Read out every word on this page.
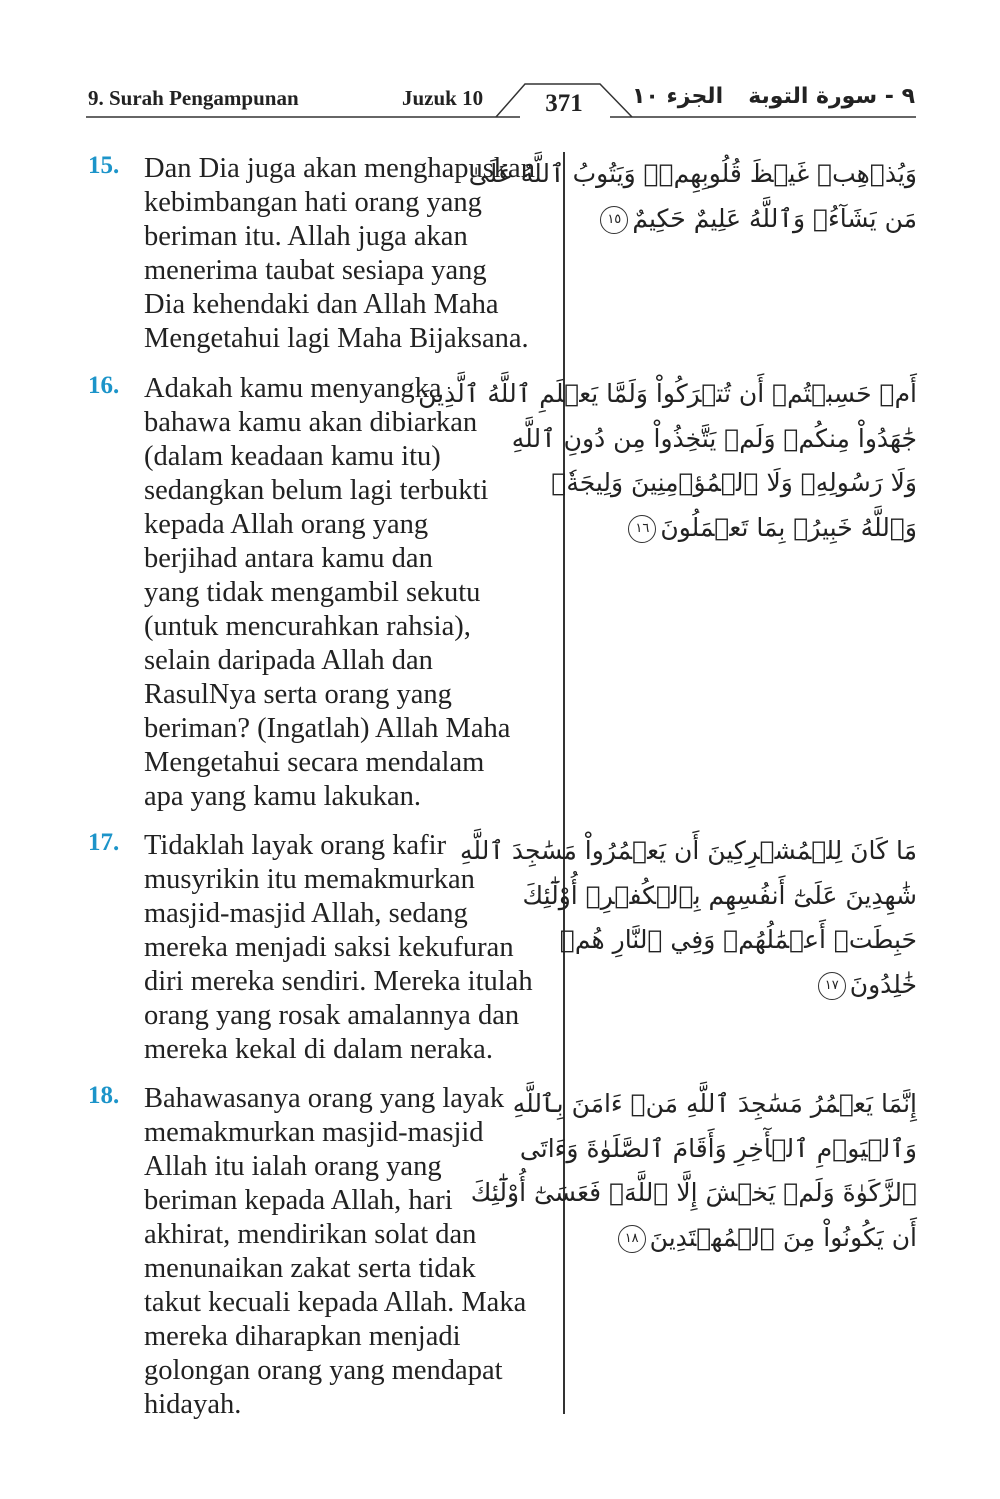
9. Surah Pengampunan	Juzuk 10	371	الجزء ١٠ ٩ - سورة التوبة
15. Dan Dia juga akan menghapuskan
kebimbangan hati orang yang
beriman itu. Allah juga akan
menerima taubat sesiapa yang
Dia kehendaki dan Allah Maha
Mengetahui lagi Maha Bijaksana.
وَيُذۡهِبۡ غَيۡظَ قُلُوبِهِمۡۗ وَيَتُوبُ ٱللَّهُ عَلَىٰ
مَن يَشَآءُۗ وَٱللَّهُ عَلِيمٌ حَكِيمٌ١٥
16. Adakah kamu menyangka
bahawa kamu akan dibiarkan
(dalam keadaan kamu itu)
sedangkan belum lagi terbukti
kepada Allah orang yang
berjihad antara kamu dan
yang tidak mengambil sekutu
(untuk mencurahkan rahsia),
selain daripada Allah dan
RasulNya serta orang yang
beriman? (Ingatlah) Allah Maha
Mengetahui secara mendalam
apa yang kamu lakukan.
أَمۡ حَسِبۡتُمۡ أَن تُتۡرَكُواْ وَلَمَّا يَعۡلَمِ ٱللَّهُ ٱلَّذِينَ
جَٰهَدُواْ مِنكُمۡ وَلَمۡ يَتَّخِذُواْ مِن دُونِ ٱللَّهِ
وَلَا رَسُولِهِۦ وَلَا ٱلۡمُؤۡمِنِينَ وَلِيجَةٗۚ
وَٱللَّهُ خَبِيرُۢ بِمَا تَعۡمَلُونَ١٦
17. Tidaklah layak orang kafir
musyrikin itu memakmurkan
masjid-masjid Allah, sedang
mereka menjadi saksi kekufuran
diri mereka sendiri. Mereka itulah
orang yang rosak amalannya dan
mereka kekal di dalam neraka.
مَا كَانَ لِلۡمُشۡرِكِينَ أَن يَعۡمُرُواْ مَسَٰجِدَ ٱللَّهِ
شَٰهِدِينَ عَلَىٰٓ أَنفُسِهِم بِٱلۡكُفۡرِۚ أُوْلَٰٓئِكَ
حَبِطَتۡ أَعۡمَٰلُهُمۡ وَفِي ٱلنَّارِ هُمۡ
خَٰلِدُونَ١٧
18. Bahawasanya orang yang layak
memakmurkan masjid-masjid
Allah itu ialah orang yang
beriman kepada Allah, hari
akhirat, mendirikan solat dan
menunaikan zakat serta tidak
takut kecuali kepada Allah. Maka
mereka diharapkan menjadi
golongan orang yang mendapat
hidayah.
إِنَّمَا يَعۡمُرُ مَسَٰجِدَ ٱللَّهِ مَنۡ ءَامَنَ بِٱللَّهِ
وَٱلۡيَوۡمِ ٱلۡأٓخِرِ وَأَقَامَ ٱلصَّلَوٰةَ وَءَاتَى
ٱلزَّكَوٰةَ وَلَمۡ يَخۡشَ إِلَّا ٱللَّهَۖ فَعَسَىٰٓ أُوْلَٰٓئِكَ
أَن يَكُونُواْ مِنَ ٱلۡمُهۡتَدِينَ١٨
